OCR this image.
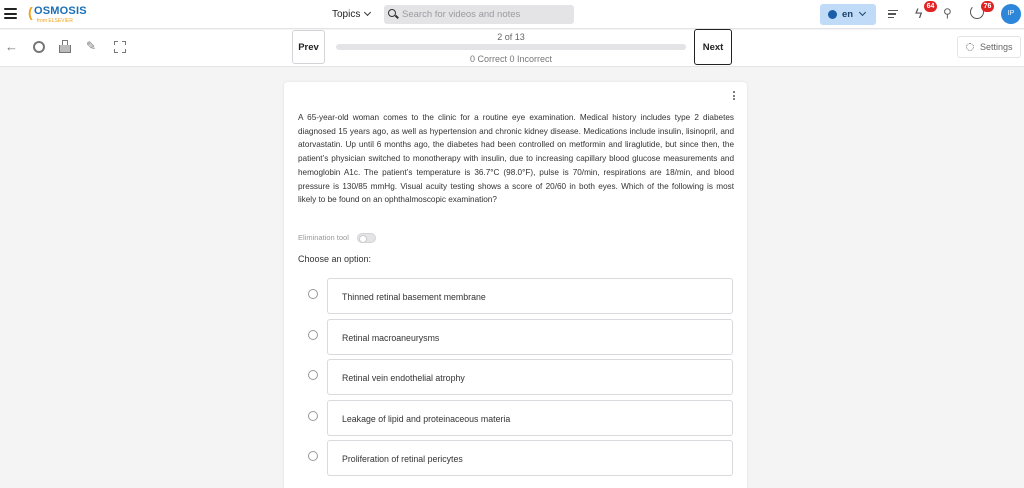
( OSMOSIS
from ELSEVIER
Topics
Search for videos and notes	en	ϟ 64 ⚲	76
IP
←	✎	Prev
2 of 13
0 Correct 0 Incorrect
Next	Settings

A 65-year-old woman comes to the clinic for a routine eye examination. Medical history includes type 2 diabetes diagnosed 15 years ago, as well as hypertension and chronic kidney disease. Medications include insulin, lisinopril, and atorvastatin. Up until 6 months ago, the diabetes had been controlled on metformin and liraglutide, but since then, the patient’s physician switched to monotherapy with insulin, due to increasing capillary blood glucose measurements and hemoglobin A1c. The patient’s temperature is 36.7°C (98.0°F), pulse is 70/min, respirations are 18/min, and blood pressure is 130/85 mmHg. Visual acuity testing shows a score of 20/60 in both eyes. Which of the following is most likely to be found on an ophthalmoscopic examination?

Elimination tool
Choose an option:
Thinned retinal basement membrane
Retinal macroaneurysms
Retinal vein endothelial atrophy
Leakage of lipid and proteinaceous materia
Proliferation of retinal pericytes
